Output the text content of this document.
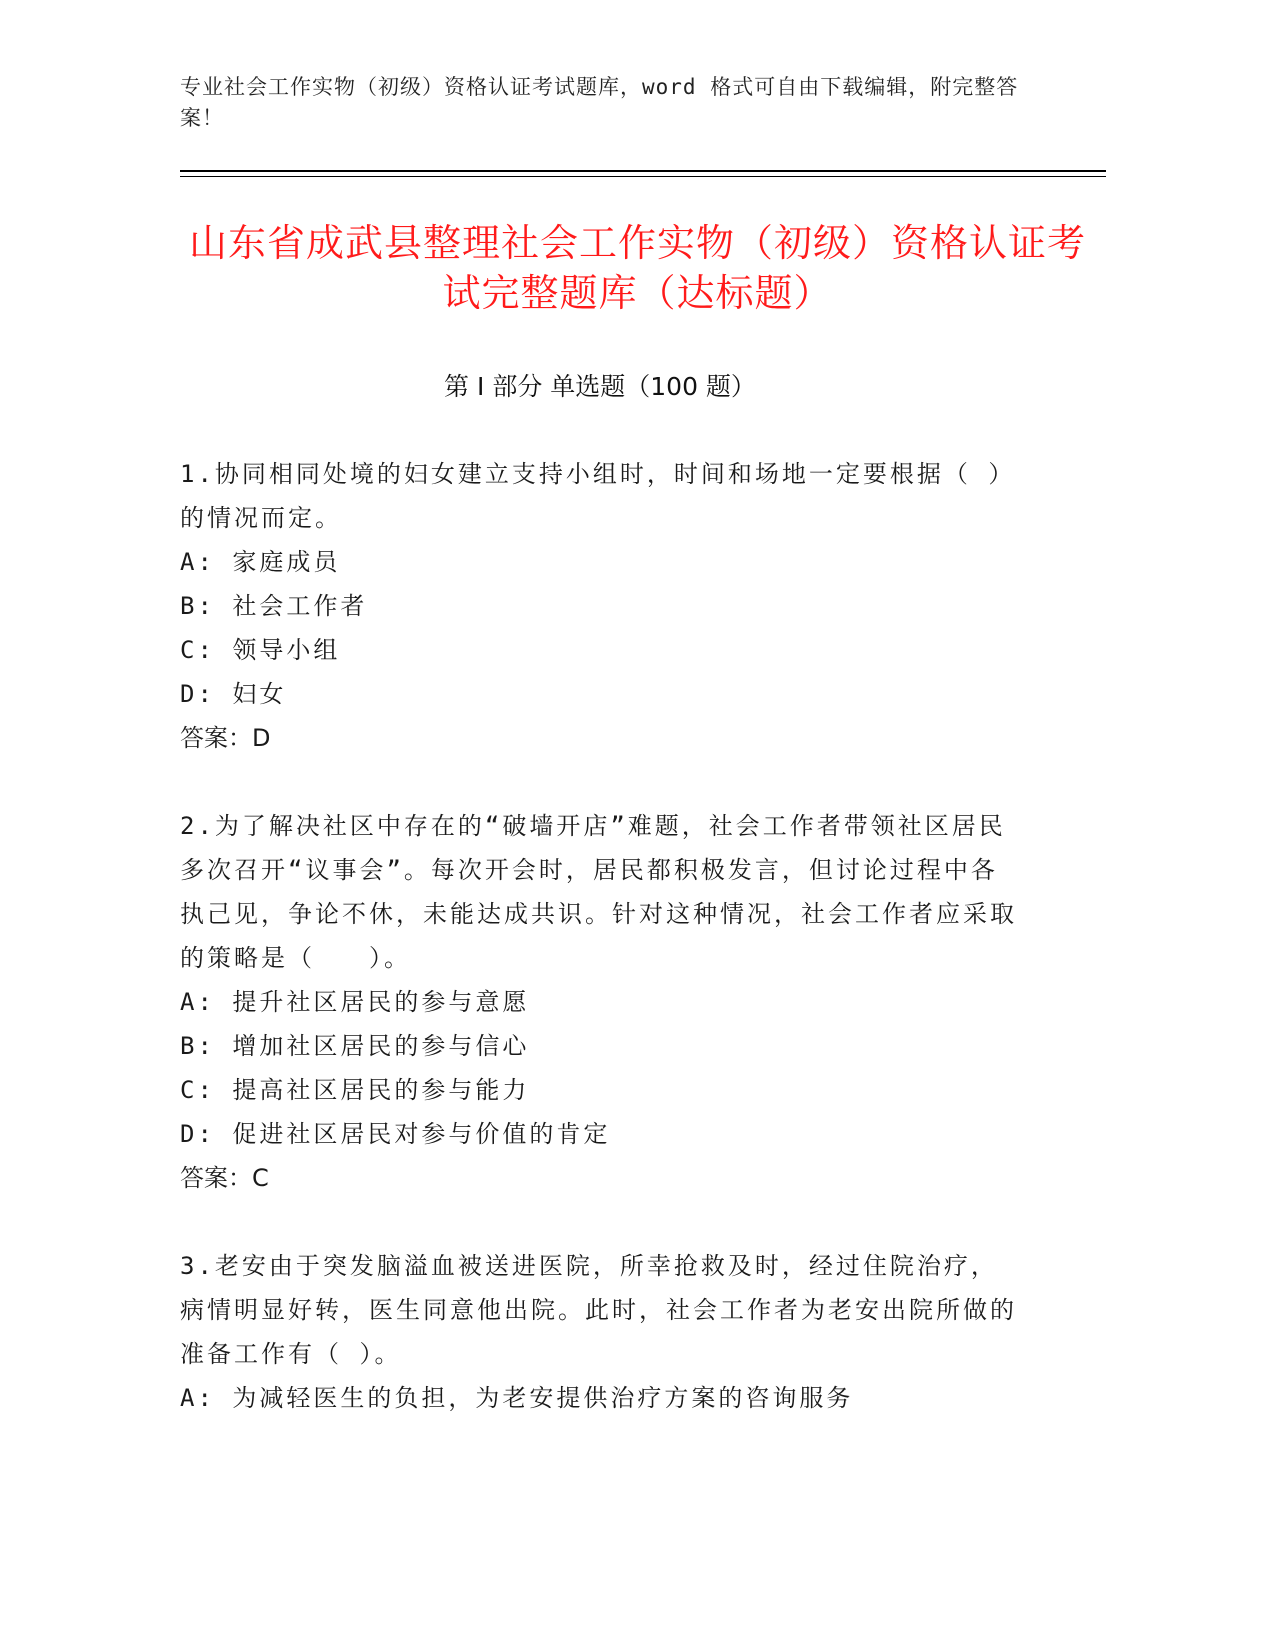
专业社会工作实物（初级）资格认证考试题库，word 格式可自由下载编辑，附完整答案！
山东省成武县整理社会工作实物（初级）资格认证考试完整题库（达标题）
第 I 部分 单选题（100 题）

1.协同相同处境的妇女建立支持小组时，时间和场地一定要根据（ ）的情况而定。

A: 家庭成员

B: 社会工作者

C: 领导小组

D: 妇女

答案：D

2.为了解决社区中存在的“破墙开店”难题，社会工作者带领社区居民多次召开“议事会”。每次开会时，居民都积极发言，但讨论过程中各执己见，争论不休，未能达成共识。针对这种情况，社会工作者应采取的策略是（　　）。

A: 提升社区居民的参与意愿

B: 增加社区居民的参与信心

C: 提高社区居民的参与能力

D: 促进社区居民对参与价值的肯定

答案：C

3.老安由于突发脑溢血被送进医院，所幸抢救及时，经过住院治疗，病情明显好转，医生同意他出院。此时，社会工作者为老安出院所做的准备工作有（ ）。

A: 为减轻医生的负担，为老安提供治疗方案的咨询服务
